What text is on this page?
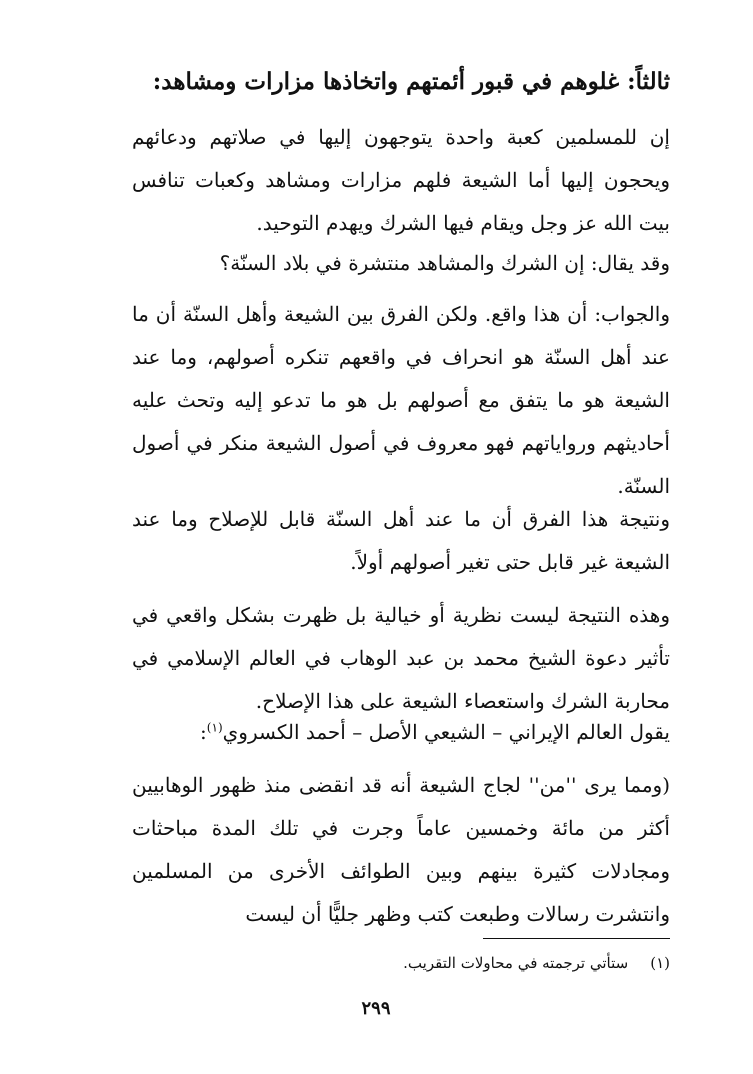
ثالثاً: غلوهم في قبور أئمتهم واتخاذها مزارات ومشاهد:

إن للمسلمين كعبة واحدة يتوجهون إليها في صلاتهم ودعائهم ويحجون إليها أما الشيعة فلهم مزارات ومشاهد وكعبات تنافس بيت الله عز وجل ويقام فيها الشرك ويهدم التوحيد.

وقد يقال: إن الشرك والمشاهد منتشرة في بلاد السنّة؟

والجواب: أن هذا واقع. ولكن الفرق بين الشيعة وأهل السنّة أن ما عند أهل السنّة هو انحراف في واقعهم تنكره أصولهم، وما عند الشيعة هو ما يتفق مع أصولهم بل هو ما تدعو إليه وتحث عليه أحاديثهم ورواياتهم فهو معروف في أصول الشيعة منكر في أصول السنّة.

ونتيجة هذا الفرق أن ما عند أهل السنّة قابل للإصلاح وما عند الشيعة غير قابل حتى تغير أصولهم أولاً.

وهذه النتيجة ليست نظرية أو خيالية بل ظهرت بشكل واقعي في تأثير دعوة الشيخ محمد بن عبد الوهاب في العالم الإسلامي في محاربة الشرك واستعصاء الشيعة على هذا الإصلاح.

يقول العالم الإيراني – الشيعي الأصل – أحمد الكسروي$^{(١)}$:

(ومما يرى ''من'' لجاج الشيعة أنه قد انقضى منذ ظهور الوهابيين أكثر من مائة وخمسين عاماً وجرت في تلك المدة مباحثات ومجادلات كثيرة بينهم وبين الطوائف الأخرى من المسلمين وانتشرت رسالات وطبعت كتب وظهر جليًّا أن ليست

(١)ستأتي ترجمته في محاولات التقريب.
٢٩٩
